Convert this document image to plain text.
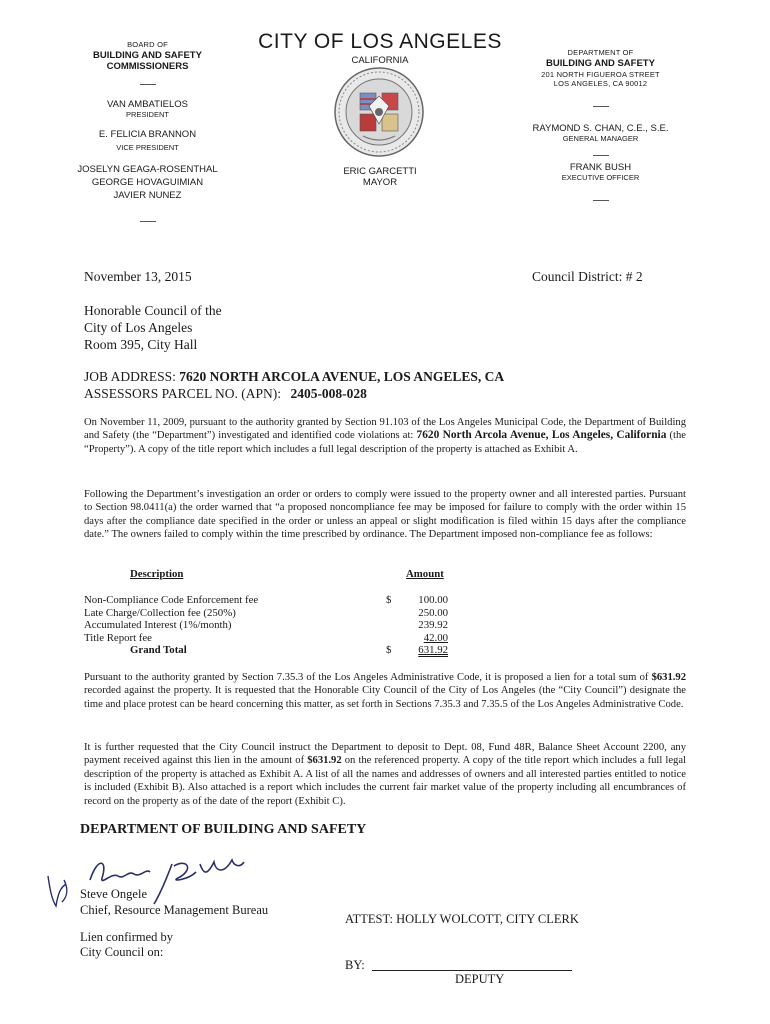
BOARD OF
BUILDING AND SAFETY
COMMISSIONERS
VAN AMBATIELOS
PRESIDENT
E. FELICIA BRANNON
VICE PRESIDENT
JOSELYN GEAGA-ROSENTHAL
GEORGE HOVAGUIMIAN
JAVIER NUNEZ
CITY OF LOS ANGELES
CALIFORNIA
ERIC GARCETTI
MAYOR
DEPARTMENT OF
BUILDING AND SAFETY
201 NORTH FIGUEROA STREET
LOS ANGELES, CA 90012
RAYMOND S. CHAN, C.E., S.E.
GENERAL MANAGER
FRANK BUSH
EXECUTIVE OFFICER
November 13, 2015	Council District: # 2
Honorable Council of the
City of Los Angeles
Room 395, City Hall
JOB ADDRESS: 7620 NORTH ARCOLA AVENUE, LOS ANGELES, CA
ASSESSORS PARCEL NO. (APN): 2405-008-028
On November 11, 2009, pursuant to the authority granted by Section 91.103 of the Los Angeles Municipal Code, the Department of Building and Safety (the “Department”) investigated and identified code violations at: 7620 North Arcola Avenue, Los Angeles, California (the “Property”). A copy of the title report which includes a full legal description of the property is attached as Exhibit A.
Following the Department’s investigation an order or orders to comply were issued to the property owner and all interested parties. Pursuant to Section 98.0411(a) the order warned that “a proposed noncompliance fee may be imposed for failure to comply with the order within 15 days after the compliance date specified in the order or unless an appeal or slight modification is filed within 15 days after the compliance date.” The owners failed to comply within the time prescribed by ordinance. The Department imposed non-compliance fee as follows:
Description	Amount
Non-Compliance Code Enforcement fee	$	100.00
Late Charge/Collection fee (250%)	250.00
Accumulated Interest (1%/month)	239.92
Title Report fee	42.00
Grand Total	$	631.92
Pursuant to the authority granted by Section 7.35.3 of the Los Angeles Administrative Code, it is proposed a lien for a total sum of $631.92 recorded against the property. It is requested that the Honorable City Council of the City of Los Angeles (the “City Council”) designate the time and place protest can be heard concerning this matter, as set forth in Sections 7.35.3 and 7.35.5 of the Los Angeles Administrative Code.
It is further requested that the City Council instruct the Department to deposit to Dept. 08, Fund 48R, Balance Sheet Account 2200, any payment received against this lien in the amount of $631.92 on the referenced property. A copy of the title report which includes a full legal description of the property is attached as Exhibit A. A list of all the names and addresses of owners and all interested parties entitled to notice is included (Exhibit B). Also attached is a report which includes the current fair market value of the property including all encumbrances of record on the property as of the date of the report (Exhibit C).
DEPARTMENT OF BUILDING AND SAFETY
Steve Ongele
Chief, Resource Management Bureau
Lien confirmed by
City Council on:
ATTEST: HOLLY WOLCOTT, CITY CLERK
BY:
DEPUTY
